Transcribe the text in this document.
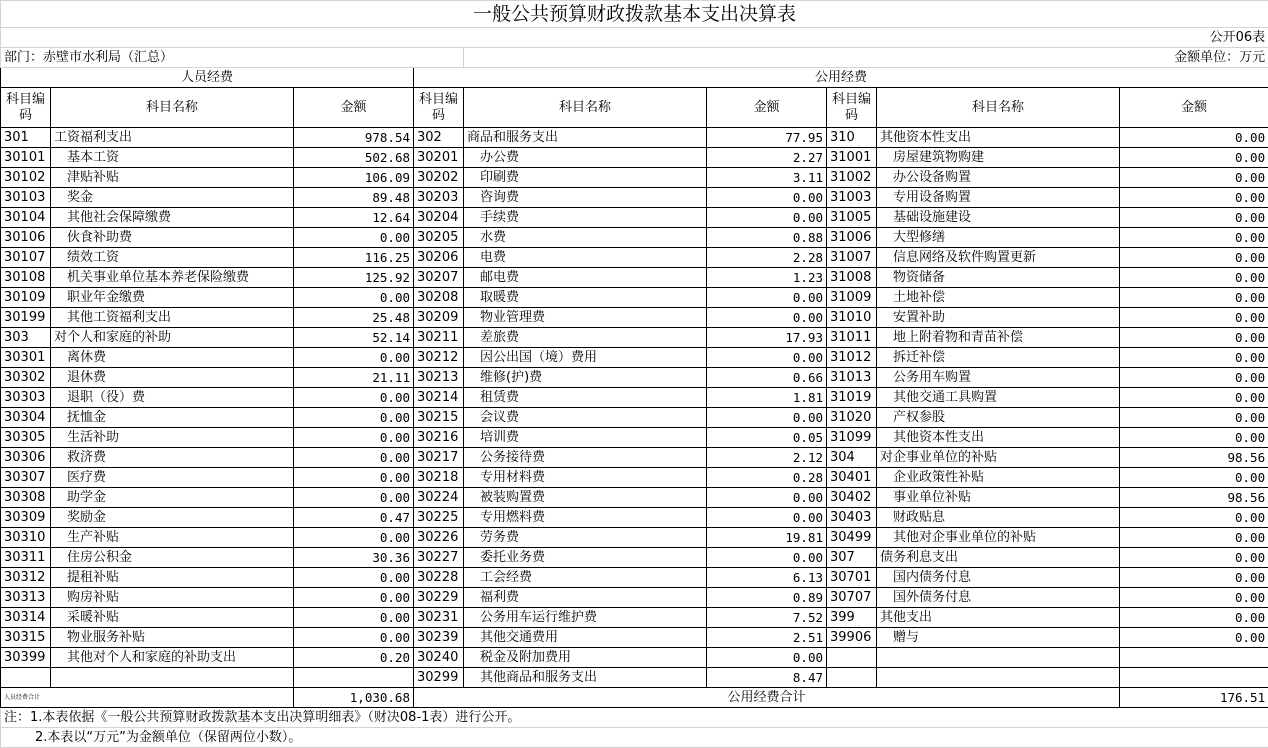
一般公共预算财政拨款基本支出决算表								
公开06表								
部门：赤壁市水利局（汇总）				金额单位：万元				
人员经费			公用经费					
科目编码	科目名称	金额	科目编码	科目名称	金额	科目编码	科目名称	金额
301	工资福利支出	978.54	302	商品和服务支出	77.95	310	其他资本性支出	0.00
30101	基本工资	502.68	30201	办公费	2.27	31001	房屋建筑物购建	0.00
30102	津贴补贴	106.09	30202	印刷费	3.11	31002	办公设备购置	0.00
30103	奖金	89.48	30203	咨询费	0.00	31003	专用设备购置	0.00
30104	其他社会保障缴费	12.64	30204	手续费	0.00	31005	基础设施建设	0.00
30106	伙食补助费	0.00	30205	水费	0.88	31006	大型修缮	0.00
30107	绩效工资	116.25	30206	电费	2.28	31007	信息网络及软件购置更新	0.00
30108	机关事业单位基本养老保险缴费	125.92	30207	邮电费	1.23	31008	物资储备	0.00
30109	职业年金缴费	0.00	30208	取暖费	0.00	31009	土地补偿	0.00
30199	其他工资福利支出	25.48	30209	物业管理费	0.00	31010	安置补助	0.00
303	对个人和家庭的补助	52.14	30211	差旅费	17.93	31011	地上附着物和青苗补偿	0.00
30301	离休费	0.00	30212	因公出国（境）费用	0.00	31012	拆迁补偿	0.00
30302	退休费	21.11	30213	维修(护)费	0.66	31013	公务用车购置	0.00
30303	退职（役）费	0.00	30214	租赁费	1.81	31019	其他交通工具购置	0.00
30304	抚恤金	0.00	30215	会议费	0.00	31020	产权参股	0.00
30305	生活补助	0.00	30216	培训费	0.05	31099	其他资本性支出	0.00
30306	救济费	0.00	30217	公务接待费	2.12	304	对企事业单位的补贴	98.56
30307	医疗费	0.00	30218	专用材料费	0.28	30401	企业政策性补贴	0.00
30308	助学金	0.00	30224	被装购置费	0.00	30402	事业单位补贴	98.56
30309	奖励金	0.47	30225	专用燃料费	0.00	30403	财政贴息	0.00
30310	生产补贴	0.00	30226	劳务费	19.81	30499	其他对企事业单位的补贴	0.00
30311	住房公积金	30.36	30227	委托业务费	0.00	307	债务利息支出	0.00
30312	提租补贴	0.00	30228	工会经费	6.13	30701	国内债务付息	0.00
30313	购房补贴	0.00	30229	福利费	0.89	30707	国外债务付息	0.00
30314	采暖补贴	0.00	30231	公务用车运行维护费	7.52	399	其他支出	0.00
30315	物业服务补贴	0.00	30239	其他交通费用	2.51	39906	赠与	0.00
30399	其他对个人和家庭的补助支出	0.20	30240	税金及附加费用	0.00			
			30299	其他商品和服务支出	8.47			
人员经费合计		1,030.68	公用经费合计					176.51
注：1.本表依据《一般公共预算财政拨款基本支出决算明细表》（财决08-1表）进行公开。								
2.本表以“万元”为金额单位（保留两位小数）。								
